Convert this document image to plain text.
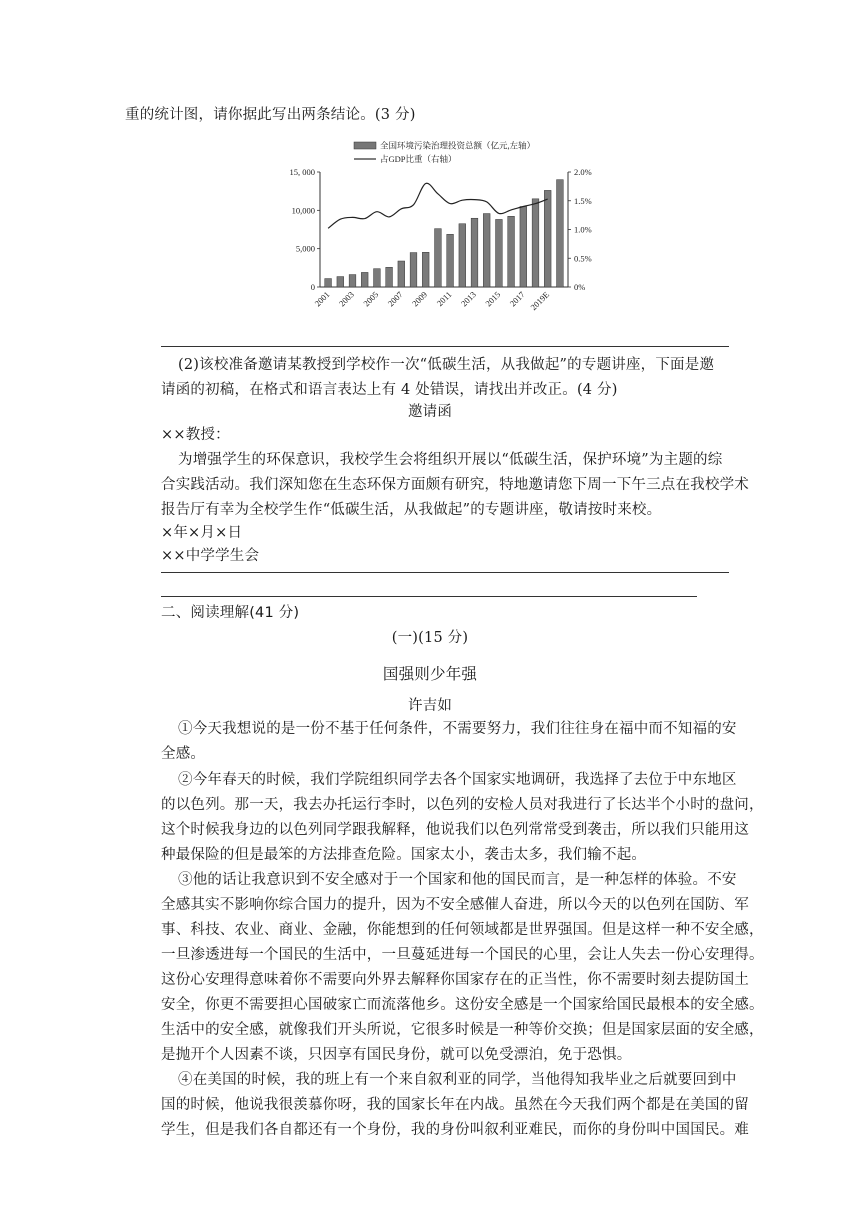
重的统计图，请你据此写出两条结论。(3 分)
全国环境污染治理投资总额（亿元,左轴）
占GDP比重（右轴）
15, 000
10,000
5,000
0
2.0%
1.5%
1.0%
0.5%
0%
2001 2003 2005 2007 2009 2011 2013 2015 2017 2019E
(2)该校准备邀请某教授到学校作一次“低碳生活，从我做起”的专题讲座，下面是邀
请函的初稿，在格式和语言表达上有 4 处错误，请找出并改正。(4 分)
邀请函
××教授：
为增强学生的环保意识，我校学生会将组织开展以“低碳生活，保护环境”为主题的综
合实践活动。我们深知您在生态环保方面颇有研究，特地邀请您下周一下午三点在我校学术
报告厅有幸为全校学生作“低碳生活，从我做起”的专题讲座，敬请按时来校。
×年×月×日
××中学学生会
二、阅读理解(41 分)
(一)(15 分)
国强则少年强
许吉如
①今天我想说的是一份不基于任何条件，不需要努力，我们往往身在福中而不知福的安
全感。
②今年春天的时候，我们学院组织同学去各个国家实地调研，我选择了去位于中东地区
的以色列。那一天，我去办托运行李时，以色列的安检人员对我进行了长达半个小时的盘问，
这个时候我身边的以色列同学跟我解释，他说我们以色列常常受到袭击，所以我们只能用这
种最保险的但是最笨的方法排查危险。国家太小，袭击太多，我们输不起。
③他的话让我意识到不安全感对于一个国家和他的国民而言，是一种怎样的体验。不安
全感其实不影响你综合国力的提升，因为不安全感催人奋进，所以今天的以色列在国防、军
事、科技、农业、商业、金融，你能想到的任何领域都是世界强国。但是这样一种不安全感，
一旦渗透进每一个国民的生活中，一旦蔓延进每一个国民的心里，会让人失去一份心安理得。
这份心安理得意味着你不需要向外界去解释你国家存在的正当性，你不需要时刻去提防国土
安全，你更不需要担心国破家亡而流落他乡。这份安全感是一个国家给国民最根本的安全感。
生活中的安全感，就像我们开头所说，它很多时候是一种等价交换；但是国家层面的安全感，
是抛开个人因素不谈，只因享有国民身份，就可以免受漂泊，免于恐惧。
④在美国的时候，我的班上有一个来自叙利亚的同学，当他得知我毕业之后就要回到中
国的时候，他说我很羡慕你呀，我的国家长年在内战。虽然在今天我们两个都是在美国的留
学生，但是我们各自都还有一个身份，我的身份叫叙利亚难民，而你的身份叫中国国民。难
